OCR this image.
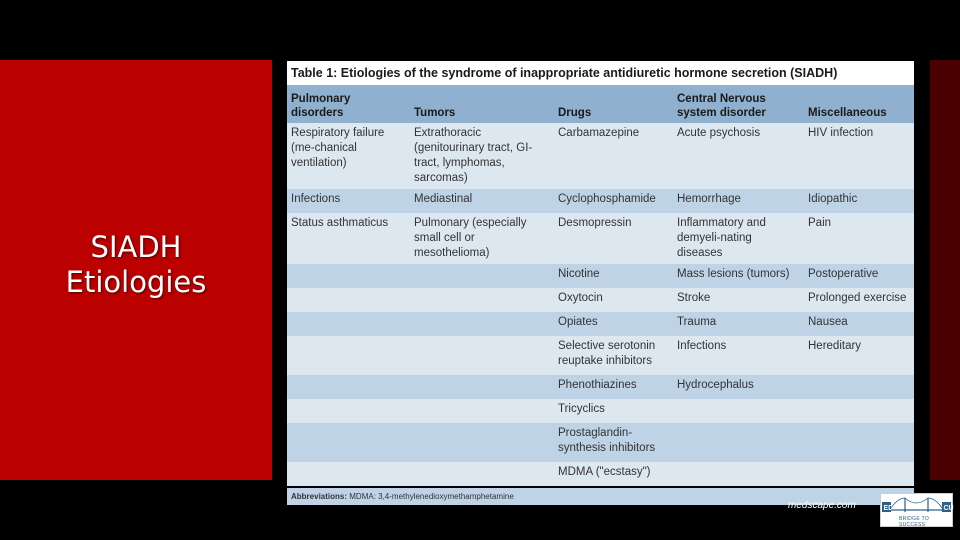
SIADH
Etiologies
Table 1: Etiologies of the syndrome of inappropriate antidiuretic hormone secretion (SIADH)
Pulmonary disorders	Tumors	Drugs	Central Nervous system disorder	Miscellaneous
Respiratory failure (me-chanical ventilation)	Extrathoracic (genitourinary tract, GI-tract, lymphomas, sarcomas)	Carbamazepine	Acute psychosis	HIV infection
Infections	Mediastinal	Cyclophosphamide	Hemorrhage	Idiopathic
Status asthmaticus	Pulmonary (especially small cell or mesothelioma)	Desmopressin	Inflammatory and demyeli-nating diseases	Pain
		Nicotine	Mass lesions (tumors)	Postoperative
		Oxytocin	Stroke	Prolonged exercise
		Opiates	Trauma	Nausea
		Selective serotonin reuptake inhibitors	Infections	Hereditary
		Phenothiazines	Hydrocephalus	
		Tricyclics		
		Prostaglandin-synthesis inhibitors		
		MDMA ("ecstasy")		
Abbreviations: MDMA: 3,4-methylenedioxymethamphetamine
medscape.com	ED	CU
BRIDGE TO SUCCESS
